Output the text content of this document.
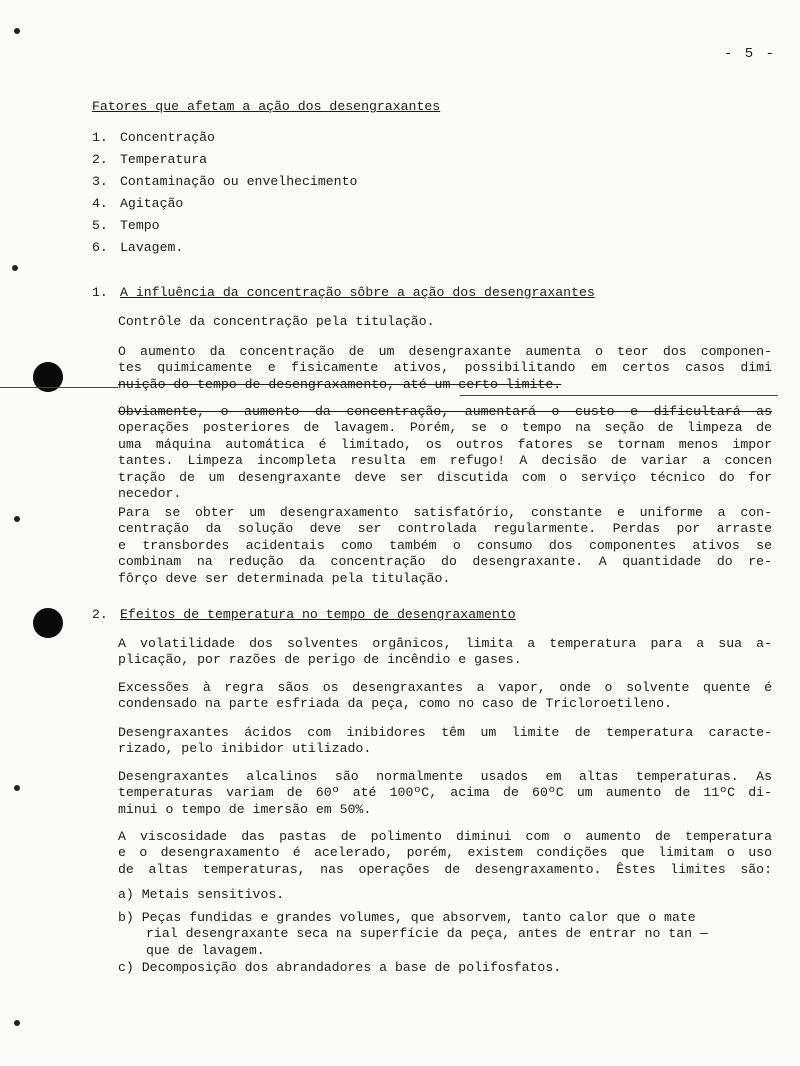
- 5 -
Fatores que afetam a ação dos desengraxantes
1. Concentração
2. Temperatura
3. Contaminação ou envelhecimento
4. Agitação
5. Tempo
6. Lavagem.
1. A influência da concentração sôbre a ação dos desengraxantes
Contrôle da concentração pela titulação.
O aumento da concentração de um desengraxante aumenta o teor dos componen-
tes quimicamente e fisicamente ativos, possibilitando em certos casos dimi
nuição do tempo de desengraxamento, até um certo limite.
Obviamente, o aumento da concentração, aumentará o custo e dificultará as
operações posteriores de lavagem. Porém, se o tempo na seção de limpeza de
uma máquina automática é limitado, os outros fatores se tornam menos impor
tantes. Limpeza incompleta resulta em refugo! A decisão de variar a concen
tração de um desengraxante deve ser discutida com o serviço técnico do for
necedor.
Para se obter um desengraxamento satisfatório, constante e uniforme a con-
centração da solução deve ser controlada regularmente. Perdas por arraste
e transbordes acidentais como também o consumo dos componentes ativos se
combinam na redução da concentração do desengraxante. A quantidade do re-
fôrço deve ser determinada pela titulação.
2. Efeitos de temperatura no tempo de desengraxamento
A volatilidade dos solventes orgânicos, limita a temperatura para a sua a-
plicação, por razões de perigo de incêndio e gases.
Excessões à regra sãos os desengraxantes a vapor, onde o solvente quente é
condensado na parte esfriada da peça, como no caso de Tricloroetileno.
Desengraxantes ácidos com inibidores têm um limite de temperatura caracte-
rizado, pelo inibidor utilizado.
Desengraxantes alcalinos são normalmente usados em altas temperaturas. As
temperaturas variam de 60º até 100ºC, acima de 60ºC um aumento de 11ºC di-
minui o tempo de imersão em 50%.
A viscosidade das pastas de polimento diminui com o aumento de temperatura
e o desengraxamento é acelerado, porém, existem condições que limitam o uso
de altas temperaturas, nas operações de desengraxamento. Êstes limites são:
a) Metais sensitivos.
b) Peças fundidas e grandes volumes, que absorvem, tanto calor que o mate
rial desengraxante seca na superfície da peça, antes de entrar no tan —
que de lavagem.
c) Decomposição dos abrandadores a base de polifosfatos.
